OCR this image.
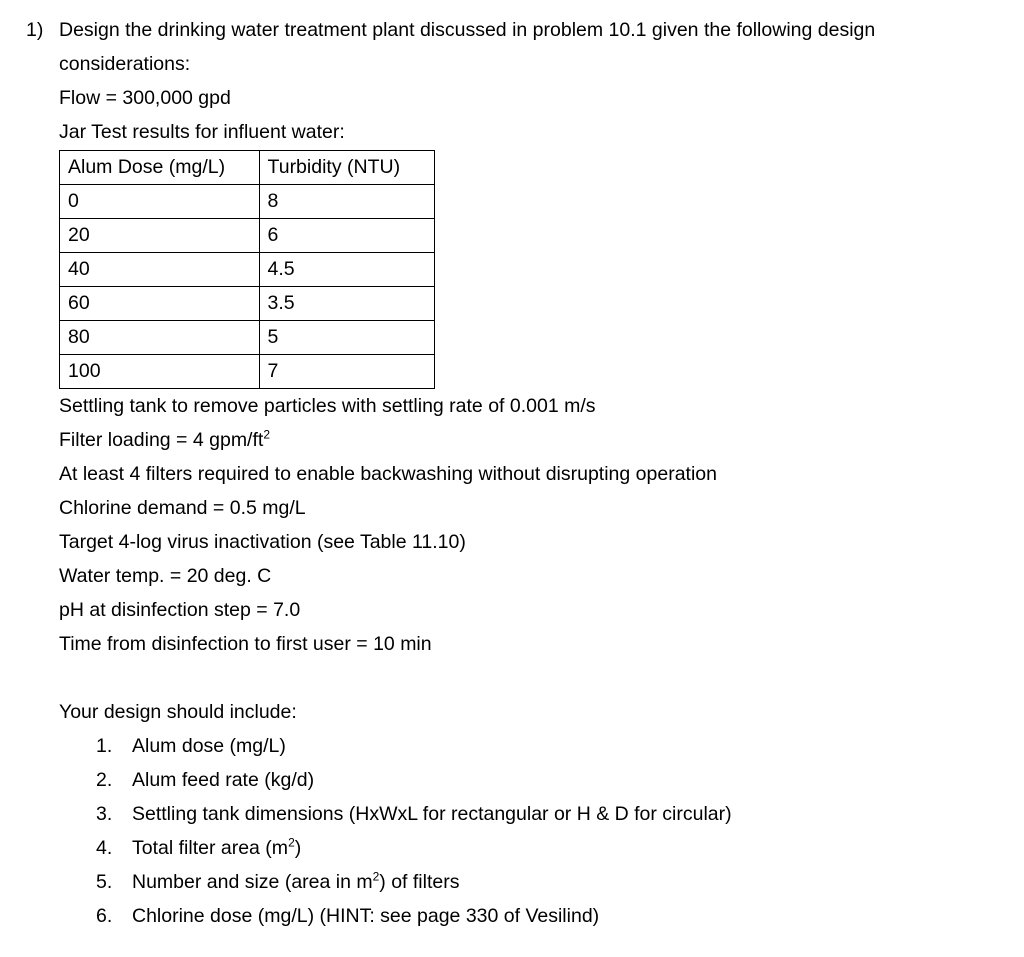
1) Design the drinking water treatment plant discussed in problem 10.1 given the following design
considerations:
Flow = 300,000 gpd
Jar Test results for influent water:
Alum Dose (mg/L)	Turbidity (NTU)
0	8
20	6
40	4.5
60	3.5
80	5
100	7
Settling tank to remove particles with settling rate of 0.001 m/s
Filter loading = 4 gpm/$ft^2$
At least 4 filters required to enable backwashing without disrupting operation
Chlorine demand = 0.5 mg/L
Target 4-log virus inactivation (see Table 11.10)
Water temp. = 20 deg. C
pH at disinfection step = 7.0
Time from disinfection to first user = 10 min
Your design should include:
1. Alum dose (mg/L)
2. Alum feed rate (kg/d)
3. Settling tank dimensions (HxWxL for rectangular or H & D for circular)
4. Total filter area $(m^2)$
5. Number and size (area in $m^2$) of filters
6. Chlorine dose (mg/L) (HINT: see page 330 of Vesilind)
